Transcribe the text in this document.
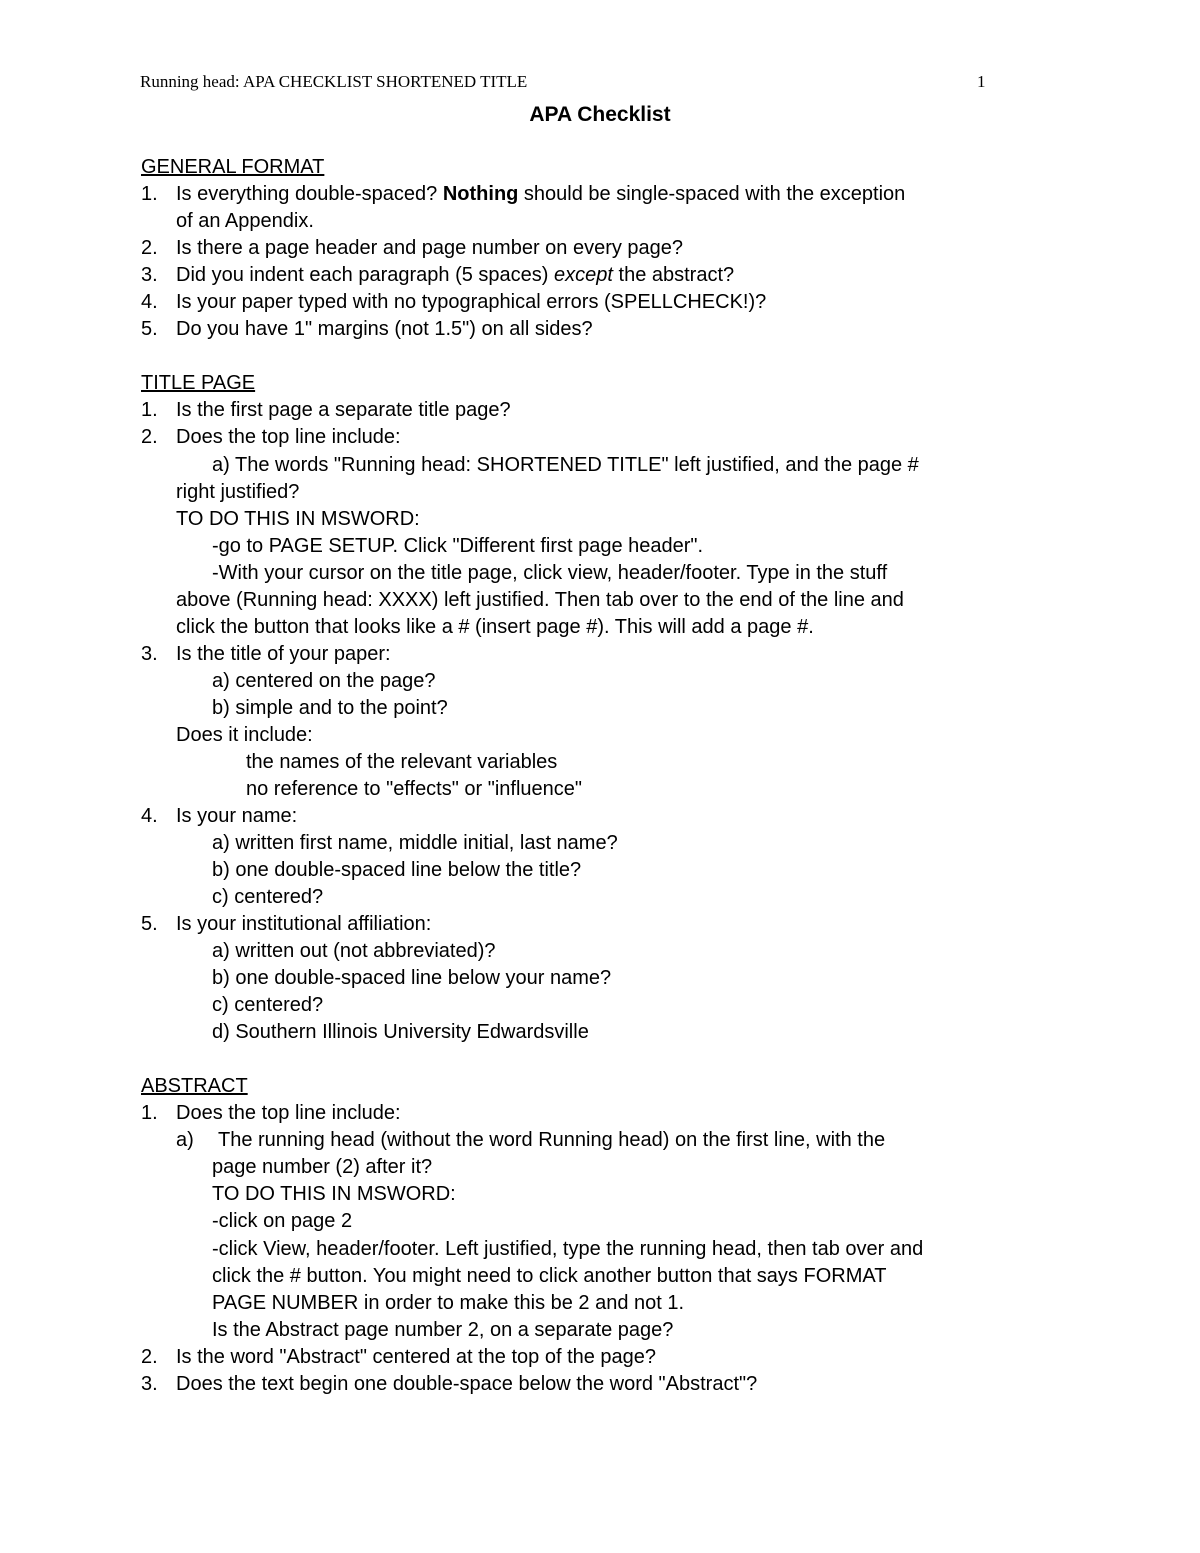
Running head: APA CHECKLIST SHORTENED TITLE	1
APA Checklist
GENERAL FORMAT
1. Is everything double-spaced? Nothing should be single-spaced with the exception
of an Appendix.
2. Is there a page header and page number on every page?
3. Did you indent each paragraph (5 spaces) except the abstract?
4. Is your paper typed with no typographical errors (SPELLCHECK!)?
5. Do you have 1" margins (not 1.5") on all sides?
TITLE PAGE
1. Is the first page a separate title page?
2. Does the top line include:
a) The words "Running head: SHORTENED TITLE" left justified, and the page #
right justified?
TO DO THIS IN MSWORD:
-go to PAGE SETUP. Click "Different first page header".
-With your cursor on the title page, click view, header/footer. Type in the stuff
above (Running head: XXXX) left justified. Then tab over to the end of the line and
click the button that looks like a # (insert page #). This will add a page #.
3. Is the title of your paper:
a) centered on the page?
b) simple and to the point?
Does it include:
the names of the relevant variables
no reference to "effects" or "influence"
4. Is your name:
a) written first name, middle initial, last name?
b) one double-spaced line below the title?
c) centered?
5. Is your institutional affiliation:
a) written out (not abbreviated)?
b) one double-spaced line below your name?
c) centered?
d) Southern Illinois University Edwardsville
ABSTRACT
1. Does the top line include:
a) The running head (without the word Running head) on the first line, with the
page number (2) after it?
TO DO THIS IN MSWORD:
-click on page 2
-click View, header/footer. Left justified, type the running head, then tab over and
click the # button. You might need to click another button that says FORMAT
PAGE NUMBER in order to make this be 2 and not 1.
Is the Abstract page number 2, on a separate page?
2. Is the word "Abstract" centered at the top of the page?
3. Does the text begin one double-space below the word "Abstract"?
